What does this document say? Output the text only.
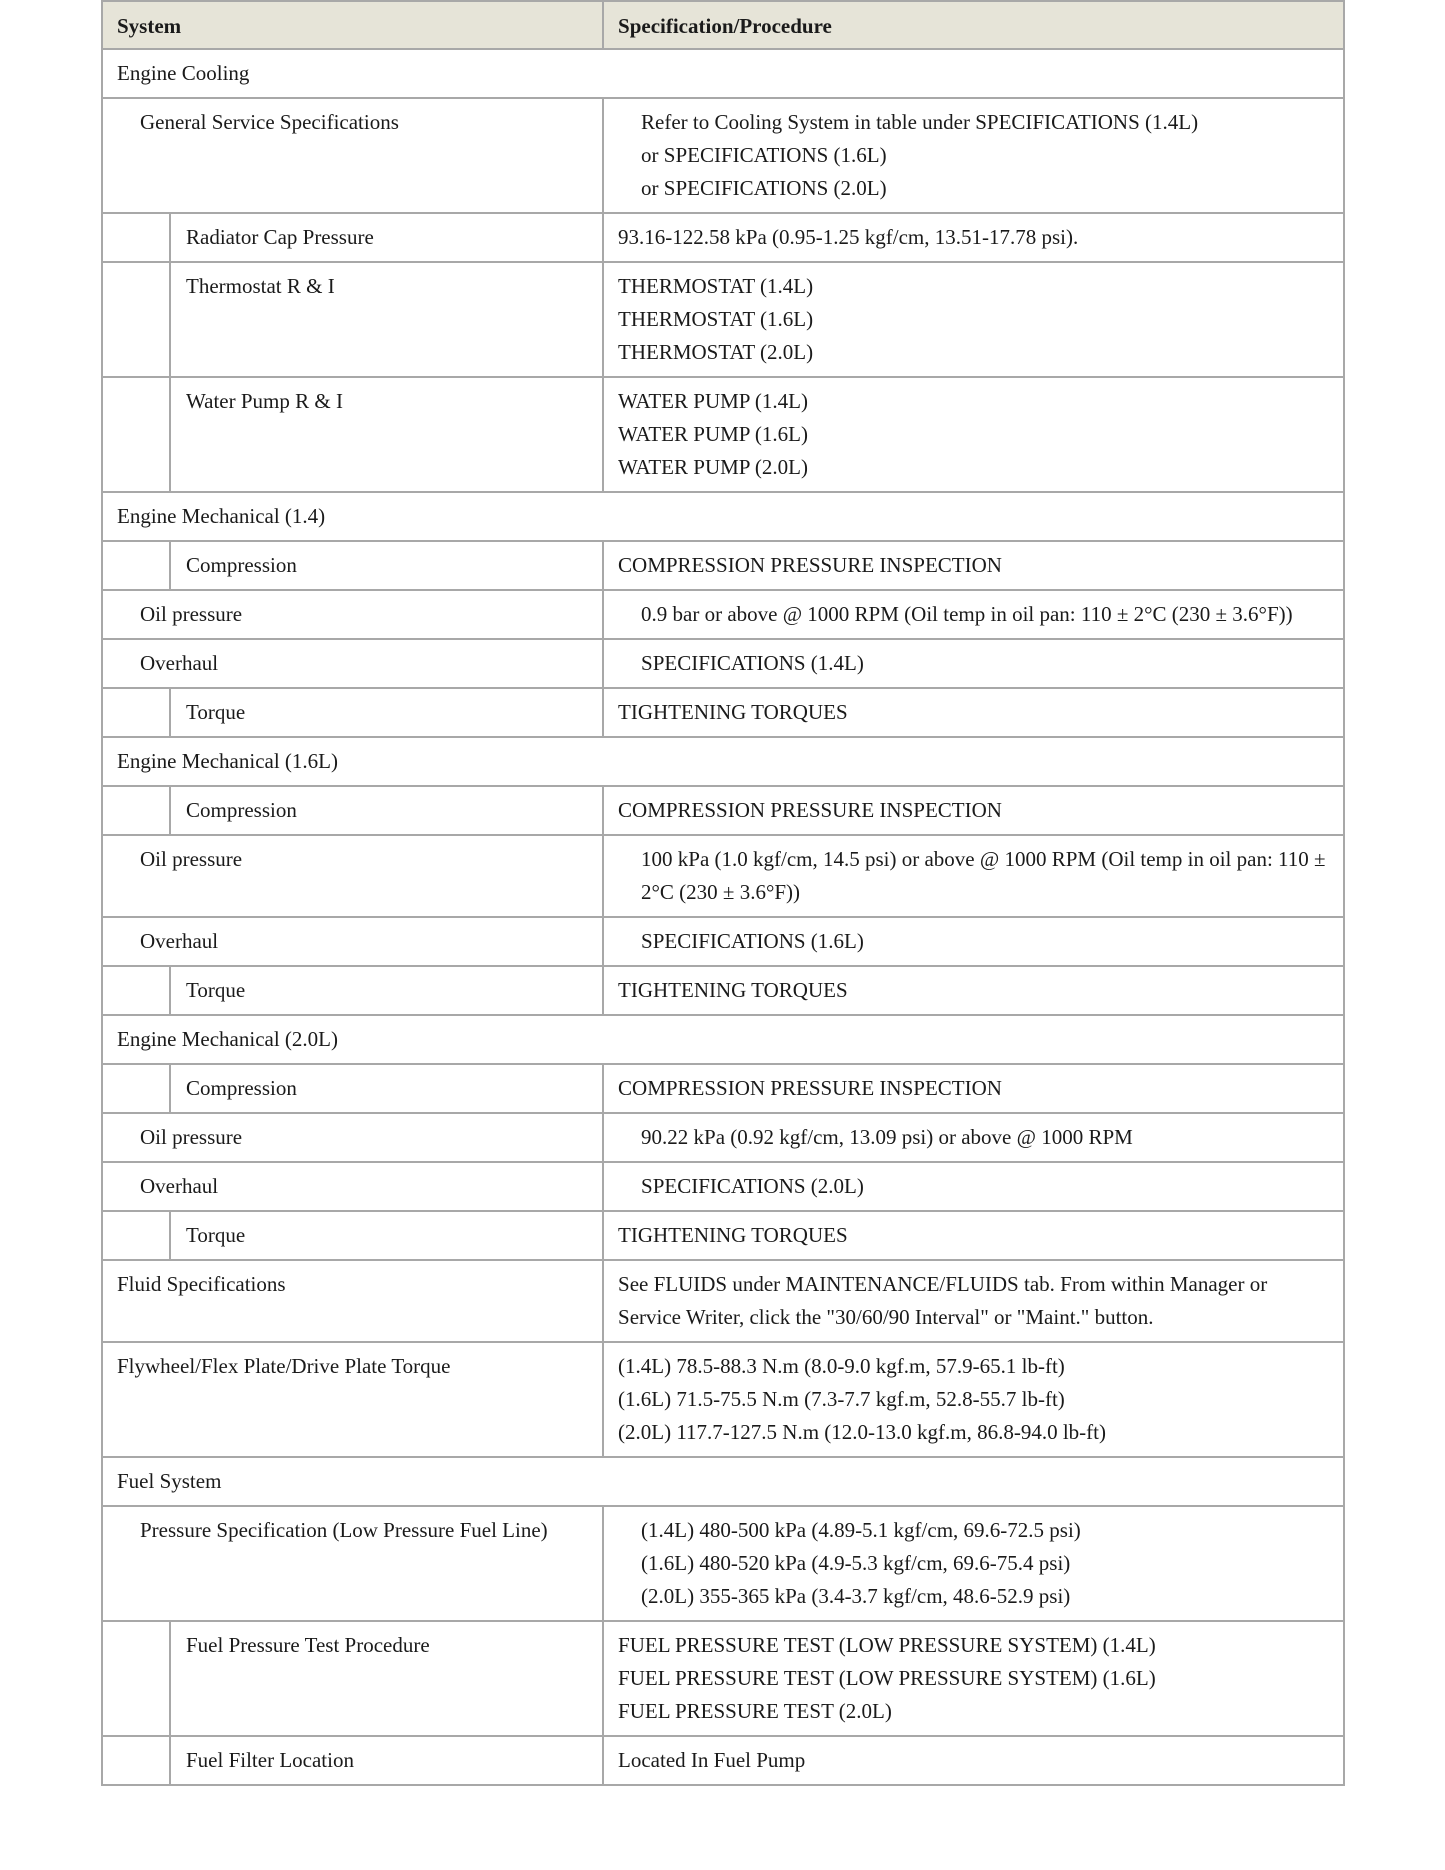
System		Specification/Procedure
Engine Cooling		
General Service Specifications		Refer to Cooling System in table under SPECIFICATIONS (1.4L)
or SPECIFICATIONS (1.6L)
or SPECIFICATIONS (2.0L)

	Radiator Cap Pressure	93.16-122.58 kPa (0.95-1.25 kgf/cm, 13.51-17.78 psi).

	Thermostat R & I	THERMOSTAT (1.4L)
THERMOSTAT (1.6L)
THERMOSTAT (2.0L)

	Water Pump R & I	WATER PUMP (1.4L)
WATER PUMP (1.6L)
WATER PUMP (2.0L)

Engine Mechanical (1.4)		
	Compression	COMPRESSION PRESSURE INSPECTION

Oil pressure		0.9 bar or above @ 1000 RPM (Oil temp in oil pan: 110 ± 2°C (230 ± 3.6°F))

Overhaul		SPECIFICATIONS (1.4L)

	Torque	TIGHTENING TORQUES

Engine Mechanical (1.6L)		
	Compression	COMPRESSION PRESSURE INSPECTION

Oil pressure		100 kPa (1.0 kgf/cm, 14.5 psi) or above @ 1000 RPM (Oil temp in oil pan: 110 ± 2°C (230 ± 3.6°F))

Overhaul		SPECIFICATIONS (1.6L)

	Torque	TIGHTENING TORQUES

Engine Mechanical (2.0L)		
	Compression	COMPRESSION PRESSURE INSPECTION

Oil pressure		90.22 kPa (0.92 kgf/cm, 13.09 psi) or above @ 1000 RPM

Overhaul		SPECIFICATIONS (2.0L)

	Torque	TIGHTENING TORQUES

Fluid Specifications		See FLUIDS under MAINTENANCE/FLUIDS tab. From within Manager or Service Writer, click the "30/60/90 Interval" or "Maint." button.

Flywheel/Flex Plate/Drive Plate Torque		(1.4L) 78.5-88.3 N.m (8.0-9.0 kgf.m, 57.9-65.1 lb-ft)
(1.6L) 71.5-75.5 N.m (7.3-7.7 kgf.m, 52.8-55.7 lb-ft)
(2.0L) 117.7-127.5 N.m (12.0-13.0 kgf.m, 86.8-94.0 lb-ft)

Fuel System		
Pressure Specification (Low Pressure Fuel Line)		(1.4L) 480-500 kPa (4.89-5.1 kgf/cm, 69.6-72.5 psi)
(1.6L) 480-520 kPa (4.9-5.3 kgf/cm, 69.6-75.4 psi)
(2.0L) 355-365 kPa (3.4-3.7 kgf/cm, 48.6-52.9 psi)

	Fuel Pressure Test Procedure	FUEL PRESSURE TEST (LOW PRESSURE SYSTEM) (1.4L)
FUEL PRESSURE TEST (LOW PRESSURE SYSTEM) (1.6L)
FUEL PRESSURE TEST (2.0L)

	Fuel Filter Location	Located In Fuel Pump
